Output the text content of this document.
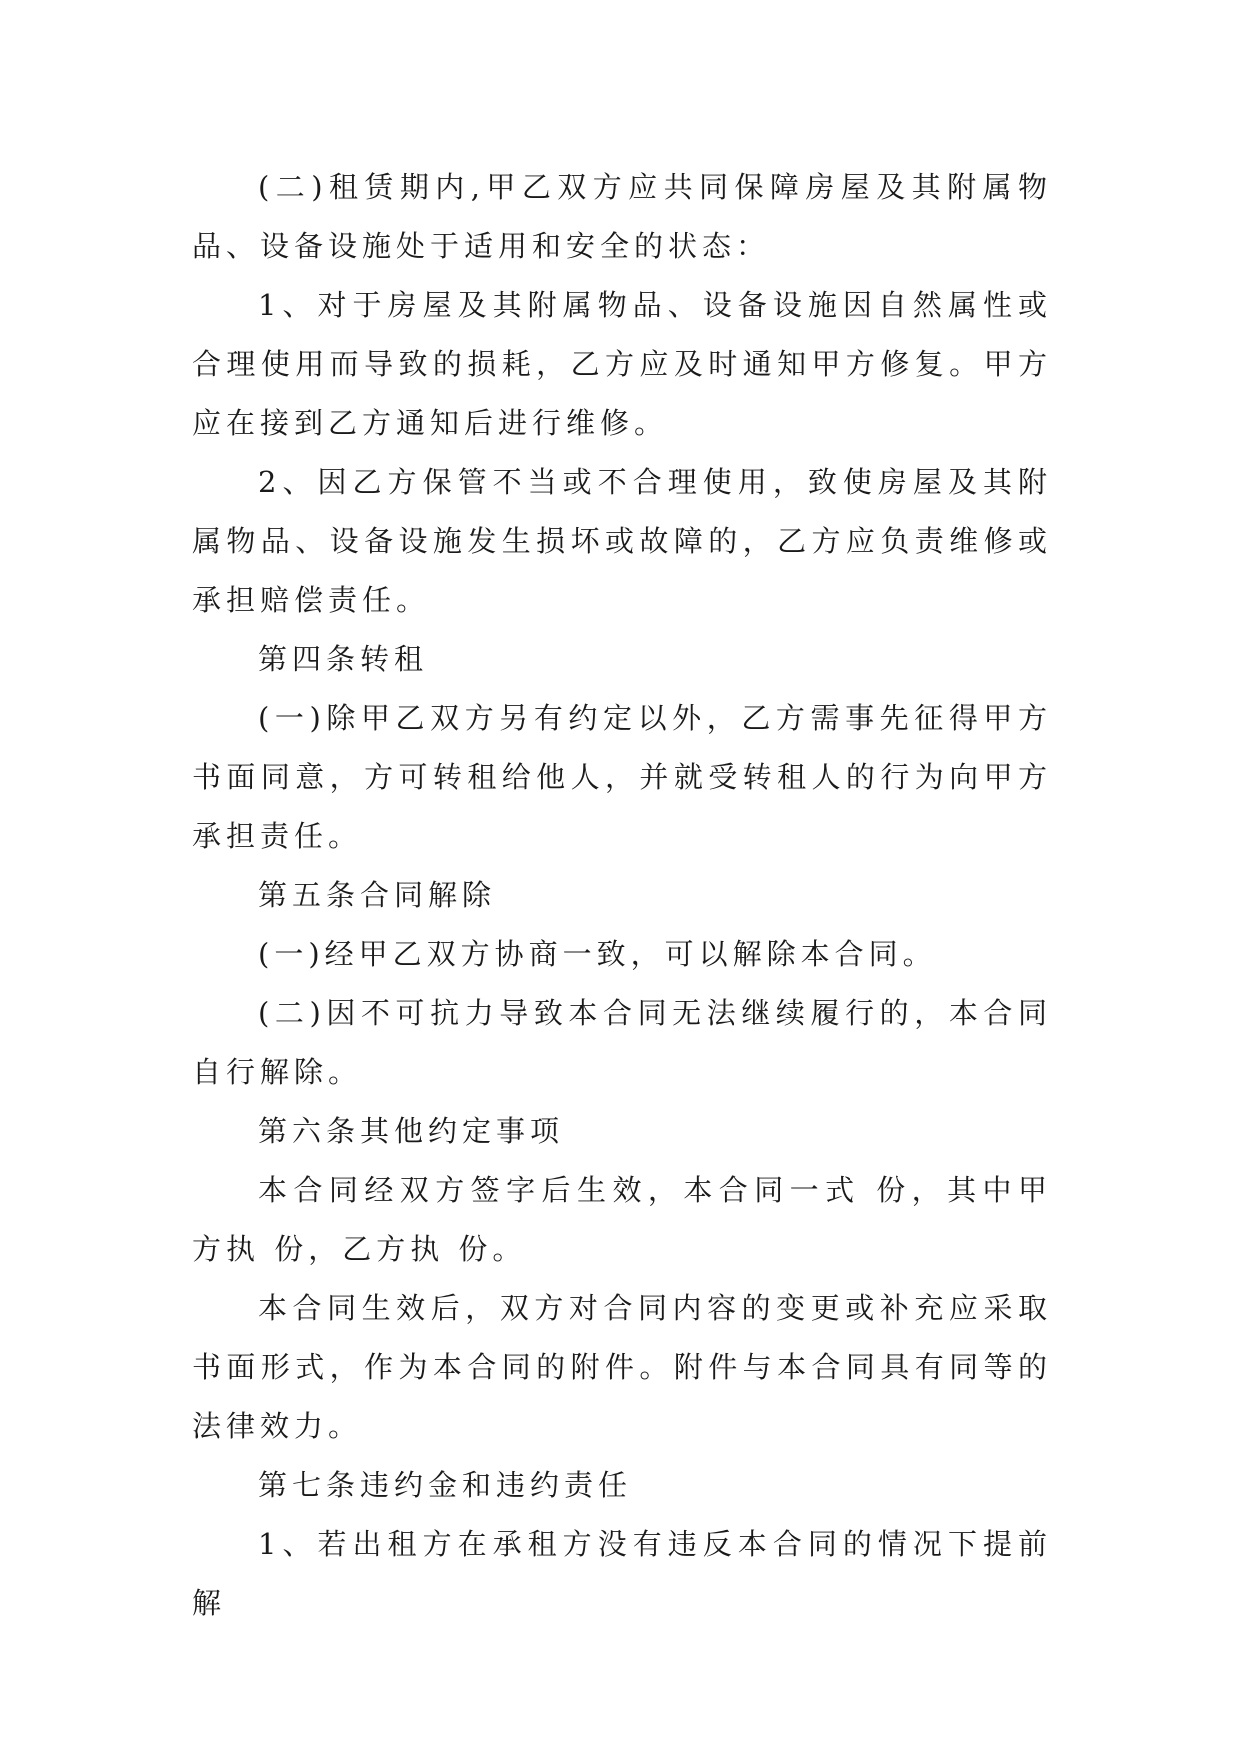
(二)租赁期内,甲乙双方应共同保障房屋及其附属物品、设备设施处于适用和安全的状态：

1、对于房屋及其附属物品、设备设施因自然属性或合理使用而导致的损耗，乙方应及时通知甲方修复。甲方应在接到乙方通知后进行维修。

2、因乙方保管不当或不合理使用，致使房屋及其附属物品、设备设施发生损坏或故障的，乙方应负责维修或承担赔偿责任。

第四条转租

(一)除甲乙双方另有约定以外，乙方需事先征得甲方书面同意，方可转租给他人，并就受转租人的行为向甲方承担责任。

第五条合同解除

(一)经甲乙双方协商一致，可以解除本合同。

(二)因不可抗力导致本合同无法继续履行的，本合同自行解除。

第六条其他约定事项

本合同经双方签字后生效，本合同一式 份，其中甲方执 份，乙方执 份。

本合同生效后，双方对合同内容的变更或补充应采取书面形式，作为本合同的附件。附件与本合同具有同等的法律效力。

第七条违约金和违约责任

1、若出租方在承租方没有违反本合同的情况下提前解
